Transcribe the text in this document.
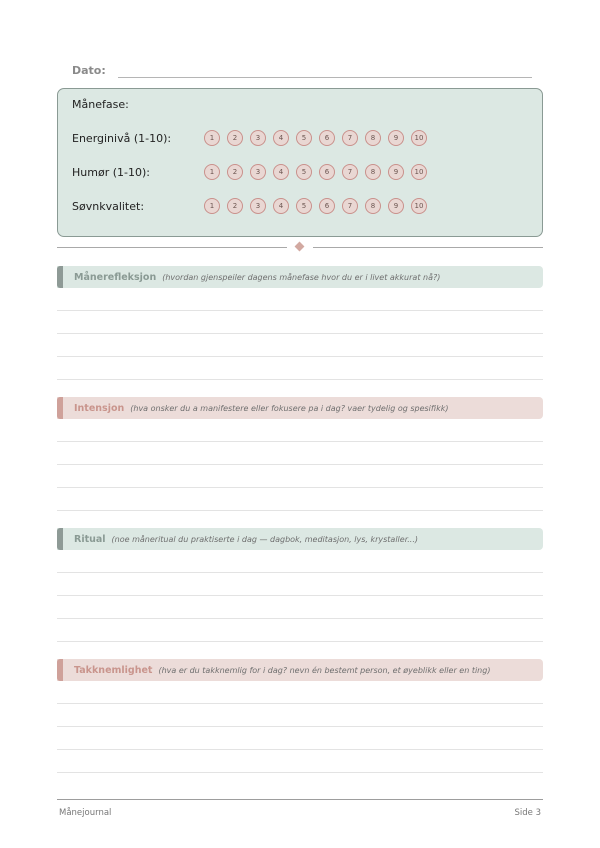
Dato:
Månefase:
Energinivå (1-10):	1	2	3	4	5	6	7	8	9	10
Humør (1-10):	1	2	3	4	5	6	7	8	9	10
Søvnkvalitet:	1	2	3	4	5	6	7	8	9	10
Månerefleksjon (hvordan gjenspeiler dagens månefase hvor du er i livet akkurat nå?)
Intensjon (hva onsker du a manifestere eller fokusere pa i dag? vaer tydelig og spesifikk)
Ritual (noe måneritual du praktiserte i dag — dagbok, meditasjon, lys, krystaller...)
Takknemlighet (hva er du takknemlig for i dag? nevn én bestemt person, et øyeblikk eller en ting)
Månejournal	Side 3
